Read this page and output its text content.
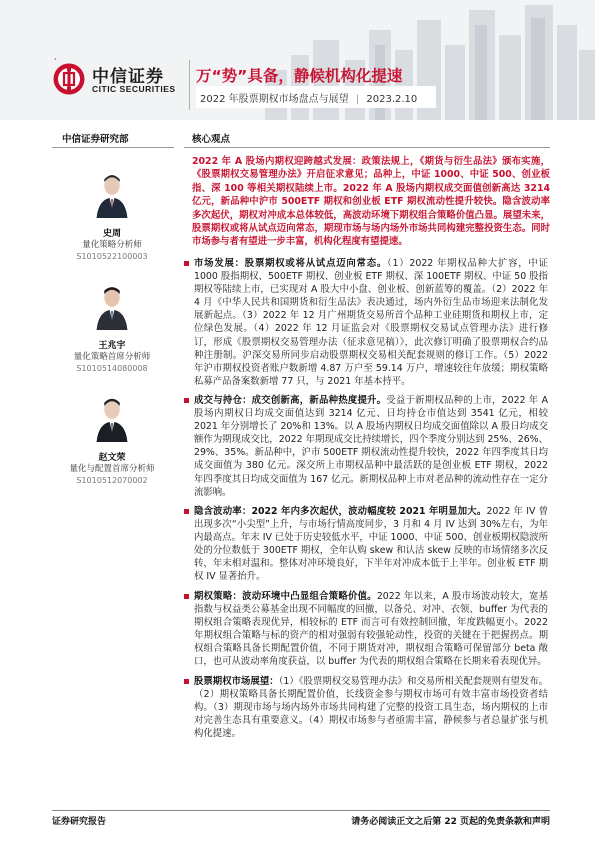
,
中信证券
CITIC SECURITIES
万“势”具备，静候机构化提速
2022 年股票期权市场盘点与展望 | 2023.2.10
中信证券研究部
史周
量化策略分析师
S1010522100003
王兆宇
量化策略首席分析师
S1010514080008
赵文荣
量化与配置首席分析师
S1010512070002
核心观点
2022 年 A 股场内期权迎跨越式发展：政策法规上，《期货与衍生品法》颁布实施，《股票期权交易管理办法》开启征求意见；品种上，中证 1000、中证 500、创业板指、深 100 等相关期权陆续上市。2022 年 A 股场内期权成交面值创新高达 3214 亿元，新品种中沪市 500ETF 期权和创业板 ETF 期权流动性提升较快。隐含波动率多次起伏，期权对冲成本总体较低，高波动环境下期权组合策略价值凸显。展望未来，股票期权或将从试点迈向常态，期现市场与场内场外市场共同构建完整投资生态。同时市场参与者有望进一步丰富，机构化程度有望提速。
市场发展：股票期权或将从试点迈向常态。（1）2022 年期权品种大扩容，中证 1000 股指期权、500ETF 期权、创业板 ETF 期权、深 100ETF 期权、中证 50 股指期权等陆续上市，已实现对 A 股大中小盘、创业板、创新蓝筹的覆盖。（2）2022 年 4 月《中华人民共和国期货和衍生品法》表决通过，场内外衍生品市场迎来法制化发展新起点。（3）2022 年 12 月广州期货交易所首个品种工业硅期货和期权上市，定位绿色发展。（4）2022 年 12 月证监会对《股票期权交易试点管理办法》进行修订，形成《股票期权交易管理办法（征求意见稿）》，此次修订明确了股票期权合约品种注册制。沪深交易所同步启动股票期权交易相关配套规则的修订工作。（5）2022 年沪市期权投资者账户数新增 4.87 万户至 59.14 万户，增速较往年放缓；期权策略私募产品备案数新增 77 只，与 2021 年基本持平。
成交与持仓：成交创新高，新品种热度提升。受益于新期权品种的上市，2022 年 A 股场内期权日均成交面值达到 3214 亿元、日均持仓市值达到 3541 亿元，相较 2021 年分别增长了 20%和 13%。以 A 股场内期权日均成交面值除以 A 股日均成交额作为期现成交比，2022 年期现成交比持续增长，四个季度分别达到 25%、26%、29%、35%。新品种中，沪市 500ETF 期权流动性提升较快，2022 年四季度其日均成交面值为 380 亿元。深交所上市期权品种中最活跃的是创业板 ETF 期权，2022 年四季度其日均成交面值为 167 亿元。新期权品种上市对老品种的流动性存在一定分流影响。
隐含波动率：2022 年内多次起伏，波动幅度较 2021 年明显加大。2022 年 IV 曾出现多次“小尖型”上升，与市场行情高度同步，3 月和 4 月 IV 达到 30%左右，为年内最高点。年末 IV 已处于历史较低水平，中证 1000、中证 500、创业板期权隐波所处的分位数低于 300ETF 期权，全年认购 skew 和认沽 skew 反映的市场情绪多次反转，年末相对温和。整体对冲环境良好，下半年对冲成本低于上半年。创业板 ETF 期权 IV 显著抬升。
期权策略：波动环境中凸显组合策略价值。2022 年以来，A 股市场波动较大，宽基指数与权益类公募基金出现不同幅度的回撤，以备兑、对冲、衣领、buffer 为代表的期权组合策略表现优异，相较标的 ETF 而言可有效控制回撤，年度跌幅更小。2022 年期权组合策略与标的资产的相对强弱有较强轮动性，投资的关键在于把握拐点。期权组合策略具备长期配置价值，不同于期货对冲，期权组合策略可保留部分 beta 敞口，也可从波动率角度获益，以 buffer 为代表的期权组合策略在长期来看表现优异。
股票期权市场展望：（1）《股票期权交易管理办法》和交易所相关配套规则有望发布。（2）期权策略具备长期配置价值，长线资金参与期权市场可有效丰富市场投资者结构。（3）期现市场与场内场外市场共同构建了完整的投资工具生态，场内期权的上市对完善生态具有重要意义。（4）期权市场参与者亟需丰富，静候参与者总量扩张与机构化提速。
证券研究报告	请务必阅读正文之后第 22 页起的免责条款和声明
